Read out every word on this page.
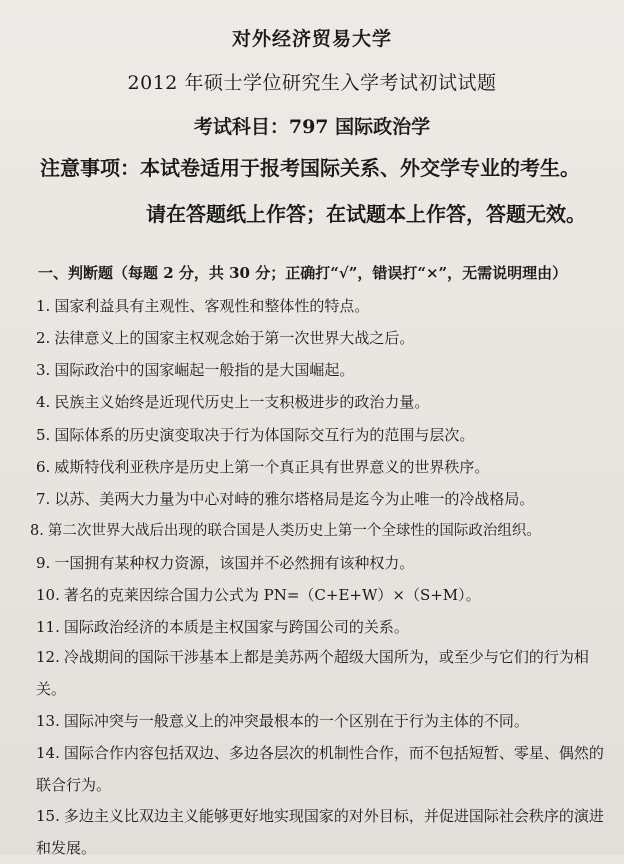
对外经济贸易大学
2012 年硕士学位研究生入学考试初试试题
考试科目：797 国际政治学
注意事项：本试卷适用于报考国际关系、外交学专业的考生。
请在答题纸上作答；在试题本上作答，答题无效。
一、判断题（每题 2 分，共 30 分；正确打“√”，错误打“×”，无需说明理由）
1. 国家利益具有主观性、客观性和整体性的特点。
2. 法律意义上的国家主权观念始于第一次世界大战之后。
3. 国际政治中的国家崛起一般指的是大国崛起。
4. 民族主义始终是近现代历史上一支积极进步的政治力量。
5. 国际体系的历史演变取决于行为体国际交互行为的范围与层次。
6. 威斯特伐利亚秩序是历史上第一个真正具有世界意义的世界秩序。
7. 以苏、美两大力量为中心对峙的雅尔塔格局是迄今为止唯一的冷战格局。
8. 第二次世界大战后出现的联合国是人类历史上第一个全球性的国际政治组织。
9. 一国拥有某种权力资源，该国并不必然拥有该种权力。
10. 著名的克莱因综合国力公式为 PN=（C+E+W）×（S+M）。
11. 国际政治经济的本质是主权国家与跨国公司的关系。
12. 冷战期间的国际干涉基本上都是美苏两个超级大国所为，或至少与它们的行为相关。
13. 国际冲突与一般意义上的冲突最根本的一个区别在于行为主体的不同。
14. 国际合作内容包括双边、多边各层次的机制性合作，而不包括短暂、零星、偶然的联合行为。
15. 多边主义比双边主义能够更好地实现国家的对外目标，并促进国际社会秩序的演进和发展。
